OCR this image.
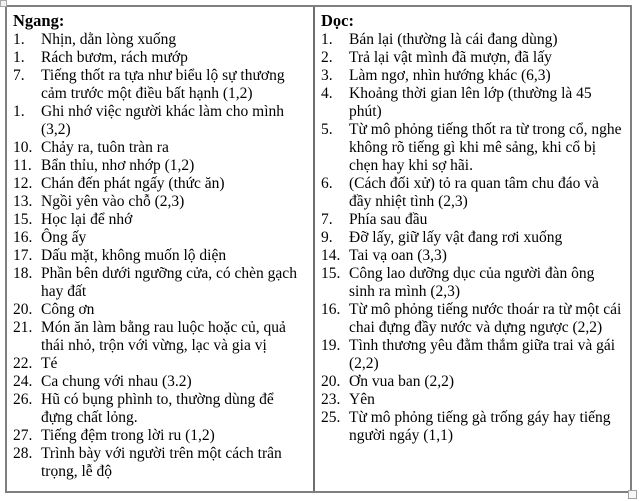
Ngang:
1.	Nhịn, dằn lòng xuống
1.	Rách bươm, rách mướp
7.	Tiếng thốt ra tựa như biểu lộ sự thương cảm trước một điều bất hạnh (1,2)
1.	Ghi nhớ việc người khác làm cho mình (3,2)
10. Chảy ra, tuôn tràn ra
11. Bẩn thỉu, nhơ nhớp (1,2)
12. Chán đến phát ngấy (thức ăn)
13. Ngồi yên vào chỗ (2,3)
15. Học lại để nhớ
16. Ông ấy
17. Dấu mặt, không muốn lộ diện
18. Phần bên dưới ngưỡng cửa, có chèn gạch hay đất
20. Công ơn
21. Món ăn làm bằng rau luộc hoặc củ, quả thái nhỏ, trộn với vừng, lạc và gia vị
22. Té
24. Ca chung với nhau (3.2)
26. Hũ có bụng phình to, thường dùng để đựng chất lỏng.
27. Tiếng đệm trong lời ru (1,2)
28. Trình bày với người trên một cách trân trọng, lễ độ
Dọc:
1.	Bán lại (thường là cái đang dùng)
2.	Trả lại vật mình đã mượn, đã lấy
3.	Làm ngơ, nhìn hướng khác (6,3)
4.	Khoảng thời gian lên lớp (thường là 45 phút)
5.	Từ mô phỏng tiếng thốt ra từ trong cổ, nghe không rõ tiếng gì khi mê sảng, khi cổ bị chẹn hay khi sợ hãi.
6.	(Cách đối xử) tỏ ra quan tâm chu đáo và đầy nhiệt tình (2,3)
7.	Phía sau đầu
9.	Đỡ lấy, giữ lấy vật đang rơi xuống
14. Tai vạ oan (3,3)
15. Công lao dưỡng dục của người đàn ông sinh ra mình (2,3)
16. Từ mô phỏng tiếng nước thoár ra từ một cái chai đựng đầy nước và dựng ngược (2,2)
19. Tình thương yêu đằm thắm giữa trai và gái (2,2)
20. Ơn vua ban (2,2)
23. Yên
25. Từ mô phỏng tiếng gà trống gáy hay tiếng người ngáy (1,1)
